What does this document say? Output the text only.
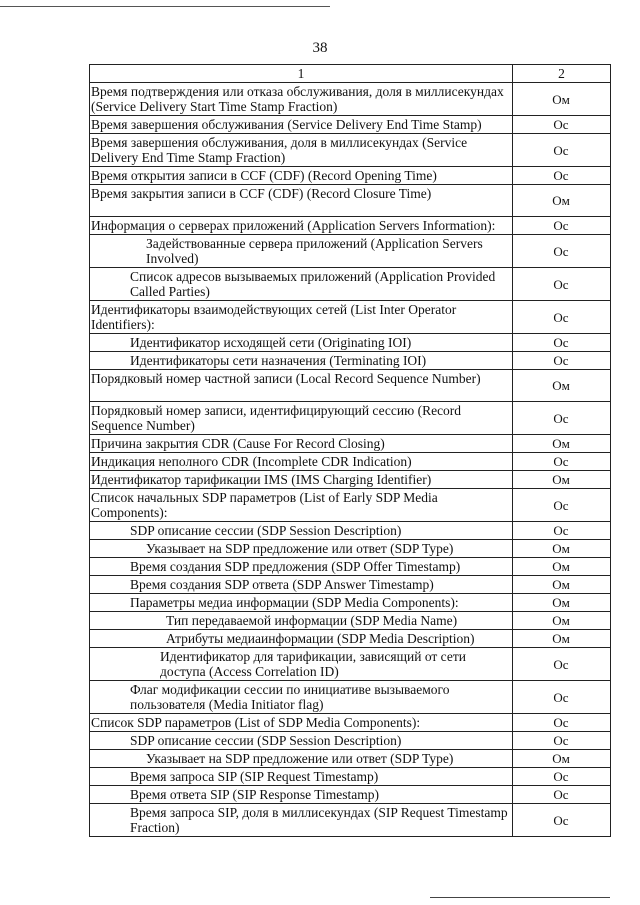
38
1	2
Время подтверждения или отказа обслуживания, доля в миллисекундах (Service Delivery Start Time Stamp Fraction)	Ом
Время завершения обслуживания (Service Delivery End Time Stamp)	Ос
Время завершения обслуживания, доля в миллисекундах (Service Delivery End Time Stamp Fraction)	Ос
Время открытия записи в CCF (CDF) (Record Opening Time)	Ос
Время закрытия записи в CCF (CDF) (Record Closure Time)	Ом
Информация о серверах приложений (Application Servers Information):	Ос
Задействованные сервера приложений (Application Servers Involved)	Ос
Список адресов вызываемых приложений (Application Provided Called Parties)	Ос
Идентификаторы взаимодействующих сетей (List Inter Operator Identifiers):	Ос
Идентификатор исходящей сети (Originating IOI)	Ос
Идентификаторы сети назначения (Terminating IOI)	Ос
Порядковый номер частной записи (Local Record Sequence Number)	Ом
Порядковый номер записи, идентифицирующий сессию (Record Sequence Number)	Ос
Причина закрытия CDR (Cause For Record Closing)	Ом
Индикация неполного CDR (Incomplete CDR Indication)	Ос
Идентификатор тарификации IMS (IMS Charging Identifier)	Ом
Список начальных SDP параметров (List of Early SDP Media Components):	Ос
SDP описание сессии (SDP Session Description)	Ос
Указывает на SDP предложение или ответ (SDP Type)	Ом
Время создания SDP предложения (SDP Offer Timestamp)	Ом
Время создания SDP ответа (SDP Answer Timestamp)	Ом
Параметры медиа информации (SDP Media Components):	Ом
Тип передаваемой информации (SDP Media Name)	Ом
Атрибуты медиаинформации (SDP Media Description)	Ом
Идентификатор для тарификации, зависящий от сети доступа (Access Correlation ID)	Ос
Флаг модификации сессии по инициативе вызываемого пользователя (Media Initiator flag)	Ос
Список SDP параметров (List of SDP Media Components):	Ос
SDP описание сессии (SDP Session Description)	Ос
Указывает на SDP предложение или ответ (SDP Type)	Ом
Время запроса SIP (SIP Request Timestamp)	Ос
Время ответа SIP (SIP Response Timestamp)	Ос
Время запроса SIP, доля в миллисекундах (SIP Request Timestamp Fraction)	Ос
